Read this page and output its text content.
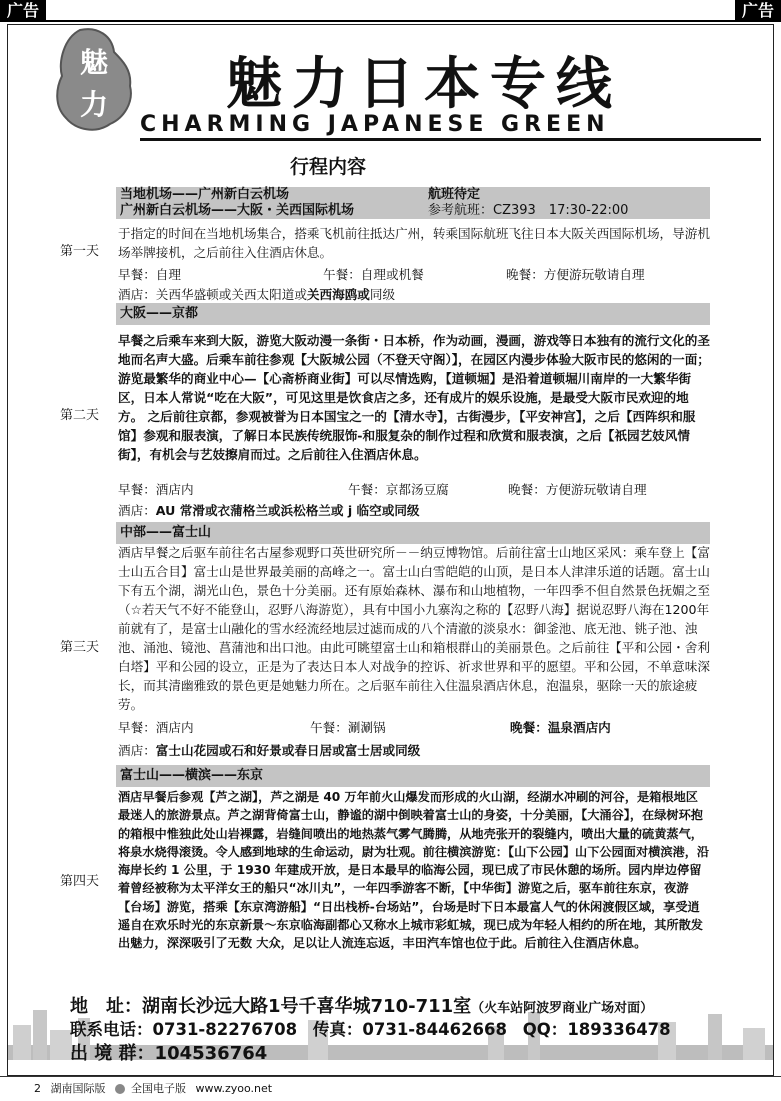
广告	广告
魅
力 魅力日本专线
CHARMING JAPANESE GREEN
行程内容
当地机场——广州新白云机场	航班待定
广州新白云机场——大阪・关西国际机场	参考航班：CZ393　17:30-22:00
第一天
于指定的时间在当地机场集合，搭乘飞机前往抵达广州，转乘国际航班飞往日本大阪关西国际机场，导游机场举牌接机，之后前往入住酒店休息。
早餐：自理	午餐：自理或机餐	晚餐：方便游玩敬请自理
酒店：关西华盛顿或关西太阳道或关西海鸥或同级
大阪——京都
第二天
早餐之后乘车来到大阪，游览大阪动漫一条街・日本桥，作为动画，漫画，游戏等日本独有的流行文化的圣地而名声大盛。后乘车前往参观【大阪城公园（不登天守阁）】，在园区内漫步体验大阪市民的悠闲的一面；游览最繁华的商业中心—【心斋桥商业街】可以尽情选购，【道顿堀】是沿着道顿堀川南岸的一大繁华街区，日本人常说“吃在大阪”，可见这里是饮食店之多，还有成片的娱乐设施，是最受大阪市民欢迎的地方。 之后前往京都，参观被誉为日本国宝之一的【清水寺】，古街漫步，【平安神宫】，之后【西阵织和服馆】参观和服表演，了解日本民族传统服饰-和服复杂的制作过程和欣赏和服表演，之后【祇园艺妓风情街】，有机会与艺妓擦肩而过。之后前往入住酒店休息。
早餐：酒店内	午餐：京都汤豆腐	晚餐：方便游玩敬请自理
酒店：AU 常滑或衣蒲格兰或浜松格兰或 j 临空或同级
中部——富士山
第三天
酒店早餐之后驱车前往名古屋参观野口英世研究所－－纳豆博物馆。后前往富士山地区采风：乘车登上【富士山五合目】富士山是世界最美丽的高峰之一。富士山白雪皑皑的山顶，是日本人津津乐道的话题。富士山下有五个湖，湖光山色，景色十分美丽。还有原始森林、瀑布和山地植物，一年四季不但自然景色抚媚之至（☆若天气不好不能登山，忍野八海游览），具有中国小九寨沟之称的【忍野八海】据说忍野八海在1200年前就有了，是富士山融化的雪水经流经地层过滤而成的八个清澈的淡泉水：御釜池、底无池、铫子池、浊池、涌池、镜池、菖蒲池和出口池。由此可眺望富士山和箱根群山的美丽景色。之后前往【平和公园・舍利白塔】平和公园的设立，正是为了表达日本人对战争的控诉、祈求世界和平的愿望。平和公园，不单意味深长，而其清幽雅致的景色更是她魅力所在。之后驱车前往入住温泉酒店休息，泡温泉，驱除一天的旅途疲劳。
早餐：酒店内	午餐：涮涮锅	晚餐：温泉酒店内
酒店：富士山花园或石和好景或春日居或富士居或同级
富士山——横滨——东京
第四天
酒店早餐后参观【芦之湖】，芦之湖是 40 万年前火山爆发而形成的火山湖，经湖水冲刷的河谷，是箱根地区最迷人的旅游景点。芦之湖背倚富士山，静谧的湖中倒映着富士山的身姿，十分美丽，【大涌谷】，在绿树环抱的箱根中惟独此处山岩裸露，岩缝间喷出的地热蒸气雾气腾腾，从地壳张开的裂缝内，喷出大量的硫黄蒸气，将泉水烧得滚烫。令人感到地球的生命运动，尉为壮观。前往横滨游览：【山下公园】山下公园面对横滨港，沿海岸长约 1 公里，于 1930 年建成开放，是日本最早的临海公园，现已成了市民休憩的场所。园内岸边停留着曾经被称为太平洋女王的船只“冰川丸”，一年四季游客不断，【中华街】游览之后，驱车前往东京，夜游【台场】游览，搭乘【东京湾游船】“日出栈桥-台场站”，台场是时下日本最富人气的休闲渡假区域，享受逍遥自在欢乐时光的东京新景～东京临海副都心又称水上城市彩虹城，现已成为年轻人相约的所在地，其所散发出魅力，深深吸引了无数 大众，足以让人流连忘返，丰田汽车馆也位于此。后前往入住酒店休息。
地　址：湖南长沙远大路1号千喜华城710-711室（火车站阿波罗商业广场对面）
联系电话：0731-82276708 传真：0731-84462668 QQ：189336478
出 境 群：104536764
2 湖南国际版 全国电子版 www.zyoo.net
